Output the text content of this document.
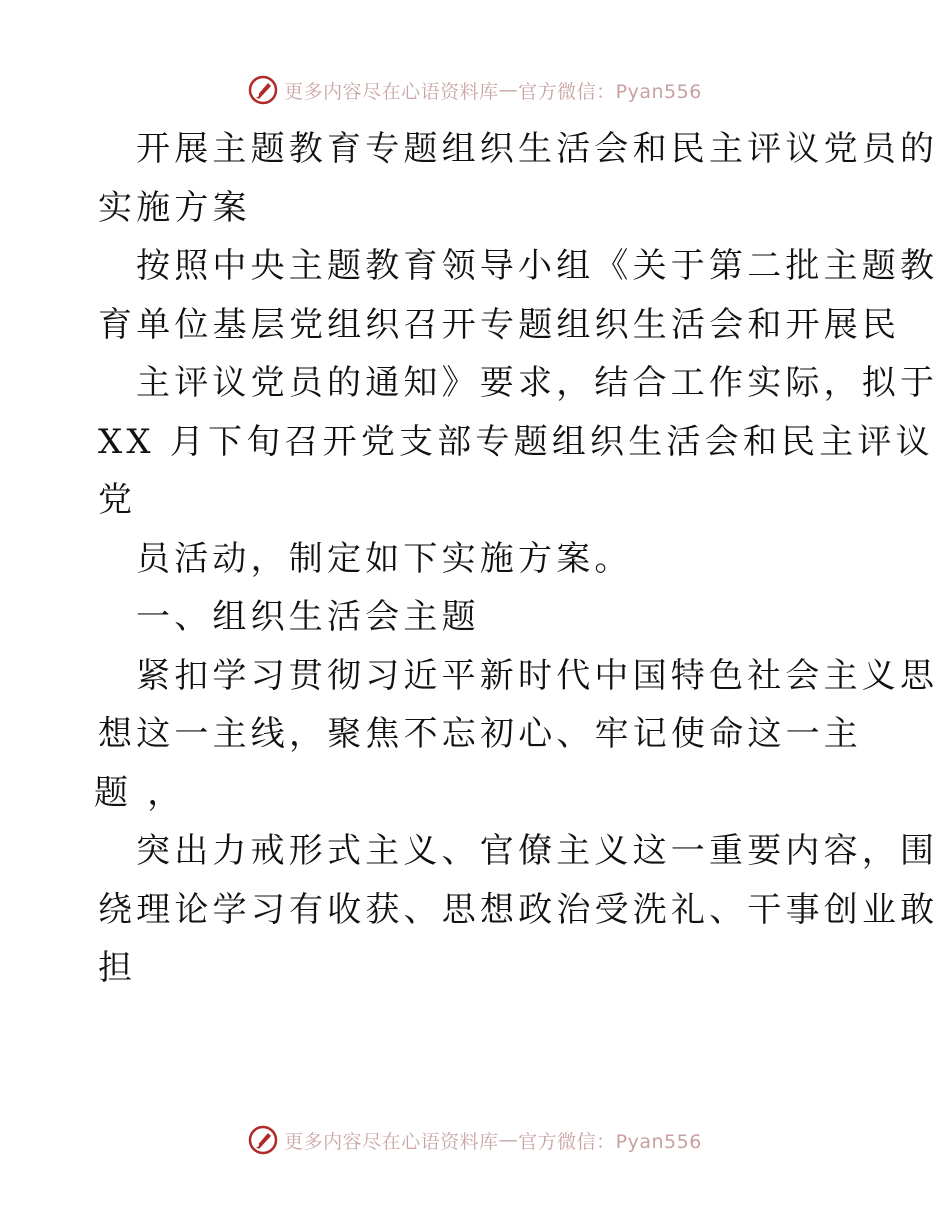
更多内容尽在心语资料库 — 官方微信：Pyan556
开展主题教育专题组织生活会和民主评议党员的
实施方案
按照中央主题教育领导小组《关于第二批主题教
育单位基层党组织召开专题组织生活会和开展民
主评议党员的通知》要求，结合工作实际，拟于
XX 月下旬召开党支部专题组织生活会和民主评议
党
员活动，制定如下实施方案。
一、组织生活会主题
紧扣学习贯彻习近平新时代中国特色社会主义思
想这一主线，聚焦不忘初心、牢记使命这一主
题 ，
突出力戒形式主义、官僚主义这一重要内容，围
绕理论学习有收获、思想政治受洗礼、干事创业敢
担
更多内容尽在心语资料库 — 官方微信：Pyan556
